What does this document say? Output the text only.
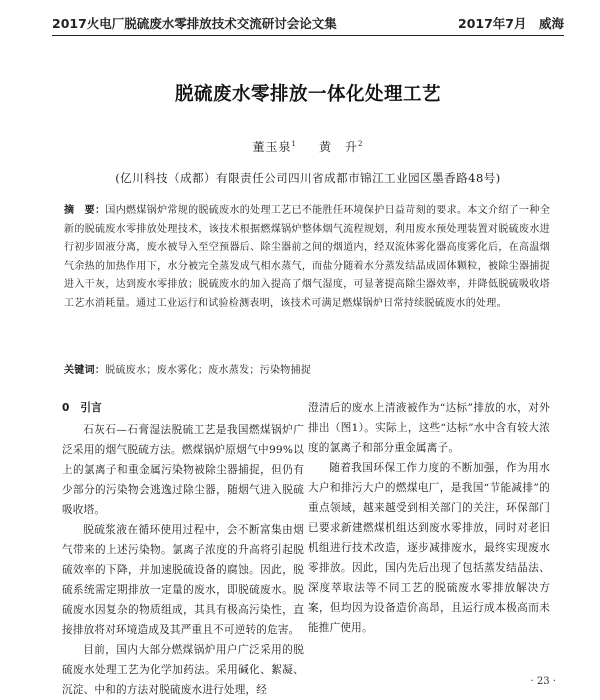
2017火电厂脱硫废水零排放技术交流研讨会论文集	2017年7月　威海
脱硫废水零排放一体化处理工艺
董玉泉$^1$ 黄　升$^2$
(亿川科技（成都）有限责任公司四川省成都市锦江工业园区墨香路48号)
摘　要：国内燃煤锅炉常规的脱硫废水的处理工艺已不能胜任环境保护日益苛刻的要求。本文介绍了一种全新的脱硫废水零排放处理技术，该技术根据燃煤锅炉整体烟气流程规划，利用废水预处理装置对脱硫废水进行初步固液分离，废水被导入至空预器后、除尘器前之间的烟道内，经双流体雾化器高度雾化后，在高温烟气余热的加热作用下，水分被完全蒸发成气相水蒸气，而盐分随着水分蒸发结晶成固体颗粒，被除尘器捕捉进入干灰，达到废水零排放；脱硫废水的加入提高了烟气湿度，可显著提高除尘器效率，并降低脱硫吸收塔工艺水消耗量。通过工业运行和试验检测表明，该技术可满足燃煤锅炉日常持续脱硫废水的处理。
关键词：脱硫废水；废水雾化；废水蒸发；污染物捕捉

0　引言

石灰石—石膏湿法脱硫工艺是我国燃煤锅炉广泛采用的烟气脱硫方法。燃煤锅炉原烟气中99%以上的氯离子和重金属污染物被除尘器捕捉，但仍有少部分的污染物会逃逸过除尘器，随烟气进入脱硫吸收塔。

脱硫浆液在循环使用过程中，会不断富集由烟气带来的上述污染物。氯离子浓度的升高将引起脱硫效率的下降，并加速脱硫设备的腐蚀。因此，脱硫系统需定期排放一定量的废水，即脱硫废水。脱硫废水因复杂的物质组成，其具有极高污染性，直接排放将对环境造成及其严重且不可逆转的危害。

目前，国内大部分燃煤锅炉用户广泛采用的脱硫废水处理工艺为化学加药法。采用碱化、絮凝、沉淀、中和的方法对脱硫废水进行处理，经

澄清后的废水上清液被作为“达标”排放的水，对外排出（图1）。实际上，这些“达标”水中含有较大浓度的氯离子和部分重金属离子。

随着我国环保工作力度的不断加强，作为用水大户和排污大户的燃煤电厂，是我国“节能减排”的重点领域，越来越受到相关部门的关注，环保部门已要求新建燃煤机组达到废水零排放，同时对老旧机组进行技术改造，逐步减排废水，最终实现废水零排放。因此，国内先后出现了包括蒸发结晶法、深度萃取法等不同工艺的脱硫废水零排放解决方案，但均因为设备造价高昂，且运行成本极高而未能推广使用。

· 23 ·
